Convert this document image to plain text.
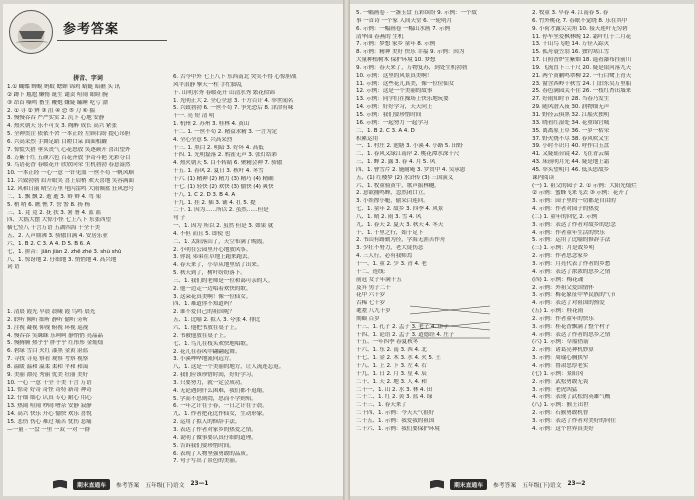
参考答案
拼音、字词
1.① 蝴蝶 蝉蜕 蚂蚁 蟋蟀 锦鸡 蜻蜓 暗礁 头 讯
② 蹲下 尴尬 懒惰 诞生 谴责 喧闹 眼睑 腕
③ 昂首 嘶鸣 畜生 鞭炮 嫌疑 瞌睡 吃亏 漂
2. ① 寻 ② 辨 ③ 沮 ④ 恐 ⑤ 刀 ⑥ 揣
3. 慢慢吞吞 严严实实 2. 沉下 心地 安静
4. 热火朝天 乐不可支 3. 陶醉 成长 高兴 紧张
5. 全神贯注 依依不舍 一本正经 左顾右盼 提心吊胆
6. 兴高采烈 手舞足蹈 目瞪口呆 面面相觑
7. 惊慌失措 垂头丧气 心花怒放 笑逐颜开 喜出望外
8. 万紫千红 五颜六色 百花齐放 争奇斗艳 光彩夺目
9. 鸟语花香 春暖花开 欣欣向荣 生机勃勃 春意盎然
10. 一本正经 一心一意 一针见血 一丝不苟 一帆风顺
11. 兴致勃勃 眉开眼笑 喜上眉梢 欢天喜地 笑容满面
12. 风和日丽 晴空万里 电闪雷鸣 大雨倾盆 狂风怒号
二、1. 飘 飘 2. 逝 逝 3. 辩 辫 4. 驾 架
5. 梢 哨 6. 瞧 憔 7. 誉 警 8. 扬 杨
三、1. 竟 竟 2. 抚 扶 3. 暑 署 4. 蓝 篮
四、大摇大摆 大惊小怪 七上八下 东张西望
横七竖八 千言万语 五湖四海 十全十美
五、2. 人声鼎沸 3. 骄傲自满 4. 安居乐业
六、1. B 2. C 3. A 4. D 5. B 6. A
七、1. 拼音：jiǎn jiàn 2. zhē zhé 3. shù shǔ
八、1. 惊讶地 2. 仔细地 3. 悄悄地 4. 高兴地
词 语
1. 清晨 霞光 早晨 晨曦 霞 鸟鸣 晨光
2. 聆听 倾听 细听 静听 偷听 旁听
3. 注视 凝视 仰视 俯视 环视 巡视
4. 慢吞吞 笑眯眯 乐呵呵 静悄悄 亮晶晶
5. 慢腾腾 热乎乎 胖乎乎 红彤彤 金灿灿
6. 碧绿 雪白 火红 漆黑 金黄 湛蓝
7. 寻找 寻觅 察看 观察 考察 视察
8. 温暖 温和 温柔 柔和 平和 和蔼
9. 美丽 漂亮 秀丽 优美 壮丽 美好
10. 一心 一意 十全 十美 千言 万语
11. 惊奇 好奇 奇怪 奇特 新奇 神奇
12. 仔细 细心 认真 专心 耐心 用心
13. 热闹 喧闹 吵闹 嘈杂 安静 寂静
14. 高兴 快乐 开心 愉快 欢乐 喜悦
15. 悲伤 伤心 难过 痛苦 忧伤 悲痛
—一量 · 一盘 一里 一双 一对 一群
6. 古今中外 七上八下 东西南北 哭笑不得 心惊胆战
风平浪静 擎天一柱 手忙脚乱
十. 山明水秀 春暖花开 山清水秀 繁花似锦
1. 光明正大 2. 全心全意 3. 千方百计 4. 举世闻名
5. 兴致勃勃 6. 一丝不苟 7. 争先恐后 8. 津津有味
十一. 亮 短 清 明
1. 杭州 2. 苏州 3. 桂林 4. 黄山
十二. 1. 一丝不苟 2. 精益求精 3. 一言为定
4. 全心全意 5. 兴高采烈
十三. 1. 黑白 2. 明暗 3. 好坏 4. 高低
十四. 1. 光明磊落 2. 鸦雀无声 3. 张灯结彩
4. 热火朝天 5. 目不转睛 6. 聚精会神 7. 骄傲
十五. 1. 春风 2. 夏日 3. 秋叶 4. 冬雪
十六. (1) 精神 (2) 精力 (3) 精巧 (4) 精确
十七. (1) 轻快 (2) 欢快 (3) 愉快 (4) 爽快
十八. 1. C 2. D 3. B 4. A
十九. 1. 挂 2. 插 3. 铺 4. 扛 5. 提
二十. 1. 因为……所以 2. 虽然……但是
句 子
一、1. 因为 所以 2. 虽然 但是 3. 如果 就
4. 不但 而且 5. 即使 也
二、1. 太阳落山了，天空布满了晚霞。
2. 小明在公园里开心地放风筝。
3. 你说 弟弟在草地上跑来跑去。
4. 春天来了，小草从地里钻了出来。
5. 秋天到了，树叶纷纷落下。
三、1. 我们的老师是一位和蔼可亲的人。
2. 他一边走一边唱着欢快的歌。
3. 这朵花真美啊！像一位仙女。
四、1. 难道你不知道吗？
2. 谁不爱自己的祖国呢？
五、1. 比喻 2. 拟人 3. 夸张 4. 排比
六、1. 他把书放在桌子上。
2. 书被他放在桌子上。
七、1. 鸟儿在枝头欢快地唱歌。
2. 花儿在春风中翩翩起舞。
3. 小溪哗哗地流向远方。
八、1. 这是一个美丽的地方，让人流连忘返。
2. 我们应该珍惜时间，好好学习。
3. 只要努力，就一定会成功。
4. 无论遇到什么困难，我们都不退缩。
5. 学而不思则罔，思而不学则殆。
6. 一年之计在于春，一日之计在于晨。
九、1. 作者把花比作仙女，生动形象。
2. 运用了拟人的修辞手法。
3. 表达了作者对家乡的热爱之情。
4. 说明了做事要认真仔细的道理。
5. 告诉我们要珍惜时间。
6. 表现了人物坚强勇敢的品质。
7. 句子写出了景色的美丽。
期末直通车	参考答案 五年级(下)语文 23—1
5. 一幅画卷 · 一盏玉盘 五彩缤纷 9. 示例：一个故
事 一首诗 一个家 人间天堂 6. 一轮明月
6. 示例：一幅画卷 一幅山水画 7. 示例
清华园 春燕的 生机
7. 示例：梦想 家乡 童年 8. 示例
8. 示例：精神 美好 快乐 幸福 9. 示例：因为
大量种植树木 保护环境 10. 梦想
9. 示例：春天来了，万物复苏，到处生机勃勃
10. 示例：这里的风景真美啊！
11. 示例：这些花儿真美，像一位位仙女
12. 示例：这是一个美丽的故事
13. 示例：同学们在操场上快乐地玩耍
14. 示例：好好学习，天天向上
15. 示例：我们要珍惜时间
16. 示例：一起努力 一起学习
二、1. B 2. C 3. A 4. D
积累运用
一、1. 村庄 2. 池塘 3. 小溪 4. 小路 5. 田野
二、1. 春风又绿江南岸 2. 桃花潭水深千尺
三、1. 蝉 2. 露 3. 春 4. 月 5. 风
四、1. 曹雪芹 2. 施耐庵 3. 罗贯中 4. 吴承恩
五、(1) 红楼梦 (2) 水浒传 (3) 三国演义
六、1. 牧童骑黄牛，歌声振林樾。
2. 意欲捕鸣蝉，忽然闭口立。
3. 小娃撑小艇，偷采白莲回。
七、1. 童年 2. 故乡 3. 四季 4. 风景
八、1. 晴 2. 雨 3. 雪 4. 风
九、1. 春天 2. 夏天 3. 秋天 4. 冬天
十、1. 千里之行，始于足下
2. 书山有路勤为径，学海无涯苦作舟
3. 少壮不努力，老大徒伤悲
4. 三人行，必有我师焉
十一、1. 童 2. 少 3. 青 4. 老
十二、连线：
前冠 女子年满十五
及笄 男子二十
花甲 六十岁
古稀 七十岁
耄耋 八九十岁
期颐 百岁
十三、1. 孔子 2. 孟子 3. 老子 4. 庄子
十四、1. 论语 2. 孟子 3. 道德经 4. 庄子
十五、一年四季 春夏秋冬
十六、1. 东 2. 南 3. 西 4. 北
十七、1. 金 2. 木 3. 水 4. 火 5. 土
十八、1. 上 2. 下 3. 左 4. 右
十九、1. 日 2. 月 3. 星 4. 辰
二十、1. 天 2. 地 3. 人 4. 和
二十一、1. 山 2. 水 3. 林 4. 田
二十二、1. 红 2. 黄 3. 蓝 4. 绿
二十三、1. 春天来了
二十四、1. 示例：今天天气很好
二十五、1. 示例：我爱我的祖国
二十六、1. 示例：我们要保护环境
2. 牧童 3. 早春 4. 江南春 5. 春
6. 竹外桃花 7. 春眠不觉晓 8. 乐在其中
9. 小荷才露尖尖角 10. 接天莲叶无穷碧
11. 停车坐爱枫林晚 12. 霜叶红于二月花
13. 千山鸟飞绝 14. 万径人踪灭
15. 孤舟蓑笠翁 16. 独钓寒江雪
17. 日照香炉生紫烟 18. 遥看瀑布挂前川
19. 飞流直下三千尺 20. 疑是银河落九天
21. 两个黄鹂鸣翠柳 22. 一行白鹭上青天
23. 窗含西岭千秋雪 24. 门泊东吴万里船
25. 春色满园关不住 26. 一枝红杏出墙来
27. 好雨知时节 28. 当春乃发生
29. 随风潜入夜 30. 润物细无声
31. 野径云俱黑 32. 江船火独明
33. 晓看红湿处 34. 花重锦官城
35. 离离原上草 36. 一岁一枯荣
37. 野火烧不尽 38. 春风吹又生
39. 小时不识月 40. 呼作白玉盘
41. 又疑瑶台镜 42. 飞在青云端
43. 床前明月光 44. 疑是地上霜
45. 举头望明月 46. 低头思故乡
课内阅读
(一) 1. 祖父的园子 2. ① 示例：大阳光灿烂
② 示例：蜜蜂飞来飞去 ③ 示例：花开了
3. 示例：园子里的一切都是自由的
4. 示例：作者对园子的热爱
(二) 1. 童年的回忆 2. 示例
3. 示例：表达了作者对故乡的思念
4. 示例：作者童年生活的快乐
5. 示例：运用了比喻的修辞手法
(三) 1. 示例：月是故乡明
2. 示例：作者思念家乡
3. 示例：月亮代表了作者的乡愁
4. 示例：表达了浓浓的思乡之情
(四) 1. 示例：梅花魂
2. 示例：外祖父爱国情怀
3. 示例：梅花象征中华民族的气节
4. 示例：表达了对祖国的热爱
(五) 1. 示例：桂花雨
2. 示例：作者童年的快乐
3. 示例：桂花香飘满了整个村子
4. 示例：表达了作者的思乡之情
(六) 1. 示例：草船借箭
2. 示例：诸葛亮神机妙算
3. 示例：周瑜心胸狭窄
4. 示例：鲁肃忠厚老实
(七) 1. 示例：景阳冈
2. 示例：武松勇敢无畏
3. 示例：老虎凶猛
4. 示例：表现了武松的英雄气概
(八) 1. 示例：猴王出世
2. 示例：石猴勇敢机智
3. 示例：表达了作者对美好的向往
4. 示例：这个世界真美好
期末直通车	参考答案 五年级(下)语文 23—2
